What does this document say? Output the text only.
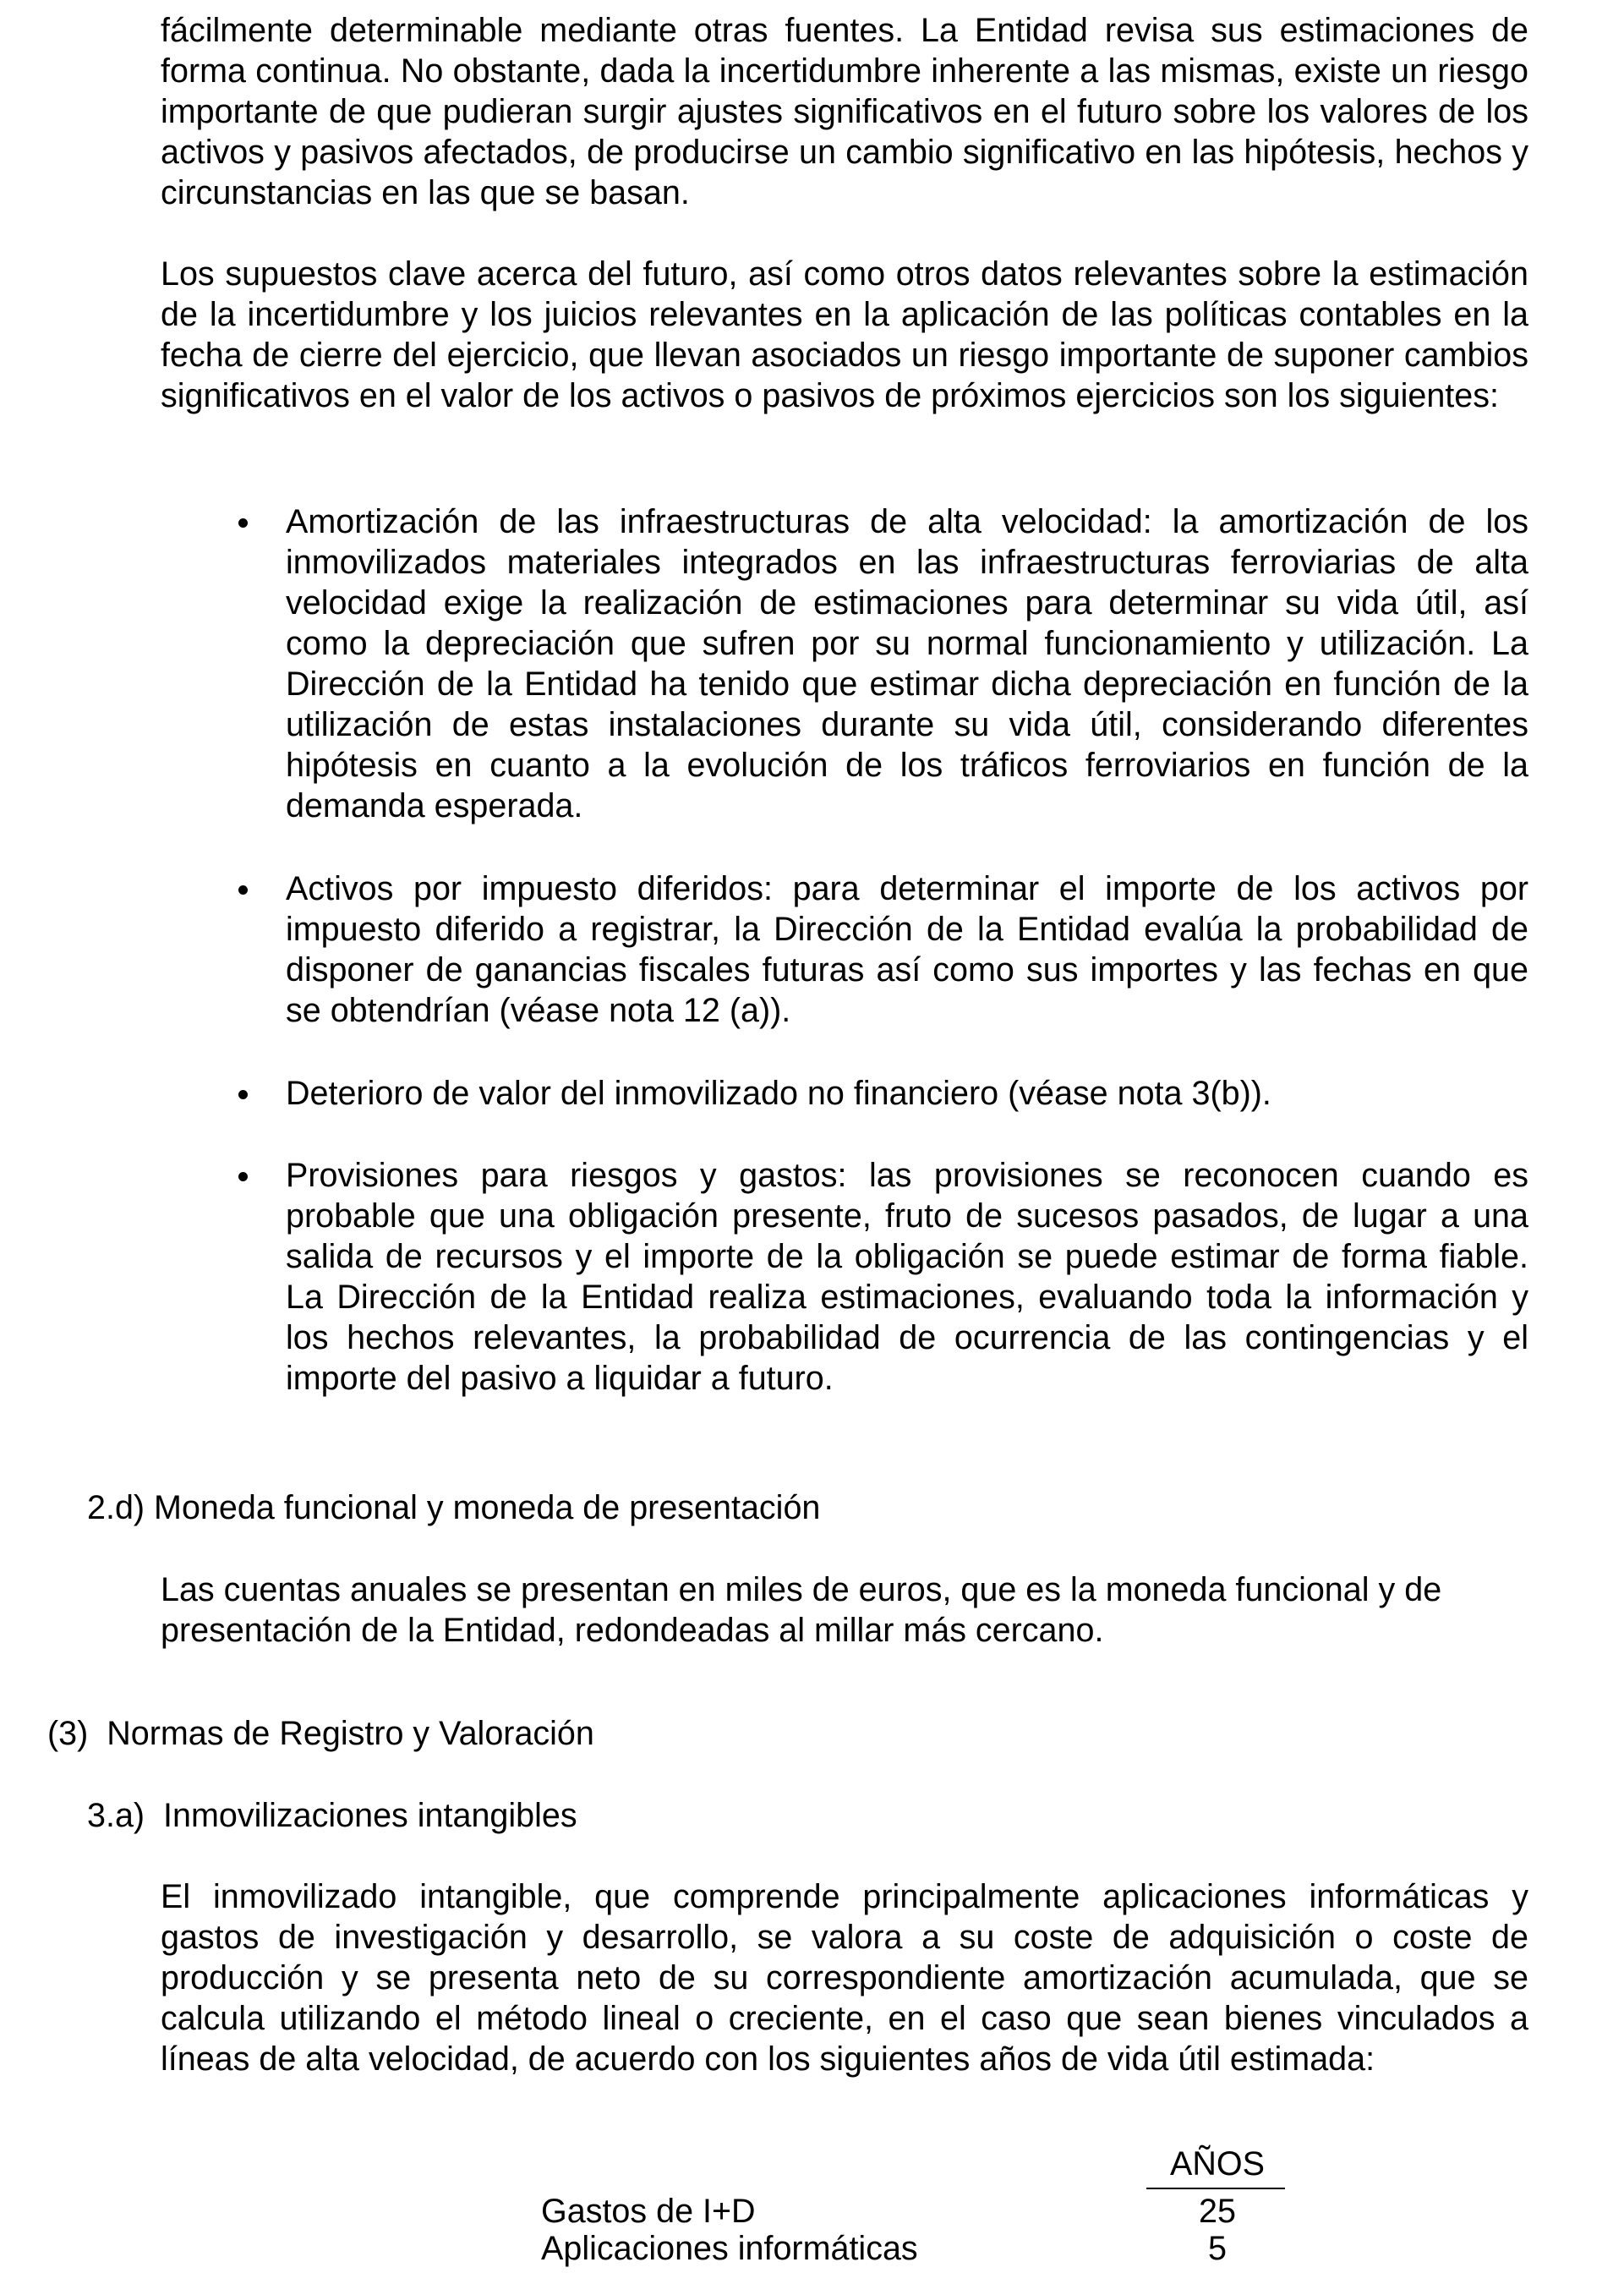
fácilmente determinable mediante otras fuentes. La Entidad revisa sus estimaciones de forma continua. No obstante, dada la incertidumbre inherente a las mismas, existe un riesgo importante de que pudieran surgir ajustes significativos en el futuro sobre los valores de los activos y pasivos afectados, de producirse un cambio significativo en las hipótesis, hechos y circunstancias en las que se basan.

Los supuestos clave acerca del futuro, así como otros datos relevantes sobre la estimación de la incertidumbre y los juicios relevantes en la aplicación de las políticas contables en la fecha de cierre del ejercicio, que llevan asociados un riesgo importante de suponer cambios significativos en el valor de los activos o pasivos de próximos ejercicios son los siguientes:

Amortización de las infraestructuras de alta velocidad: la amortización de los inmovilizados materiales integrados en las infraestructuras ferroviarias de alta velocidad exige la realización de estimaciones para determinar su vida útil, así como la depreciación que sufren por su normal funcionamiento y utilización. La Dirección de la Entidad ha tenido que estimar dicha depreciación en función de la utilización de estas instalaciones durante su vida útil, considerando diferentes hipótesis en cuanto a la evolución de los tráficos ferroviarios en función de la demanda esperada.
Activos por impuesto diferidos: para determinar el importe de los activos por impuesto diferido a registrar, la Dirección de la Entidad evalúa la probabilidad de disponer de ganancias fiscales futuras así como sus importes y las fechas en que se obtendrían (véase nota 12 (a)).
Deterioro de valor del inmovilizado no financiero (véase nota 3(b)).
Provisiones para riesgos y gastos: las provisiones se reconocen cuando es probable que una obligación presente, fruto de sucesos pasados, de lugar a una salida de recursos y el importe de la obligación se puede estimar de forma fiable. La Dirección de la Entidad realiza estimaciones, evaluando toda la información y los hechos relevantes, la probabilidad de ocurrencia de las contingencias y el importe del pasivo a liquidar a futuro.
2.d) Moneda funcional y moneda de presentación

Las cuentas anuales se presentan en miles de euros, que es la moneda funcional y de presentación de la Entidad, redondeadas al millar más cercano.

(3)  Normas de Registro y Valoración
3.a)  Inmovilizaciones intangibles

El inmovilizado intangible, que comprende principalmente aplicaciones informáticas y gastos de investigación y desarrollo, se valora a su coste de adquisición o coste de producción y se presenta neto de su correspondiente amortización acumulada, que se calcula utilizando el método lineal o creciente, en el caso que sean bienes vinculados a líneas de alta velocidad, de acuerdo con los siguientes años de vida útil estimada:

AÑOS
Gastos de I+D	25
Aplicaciones informáticas	5
